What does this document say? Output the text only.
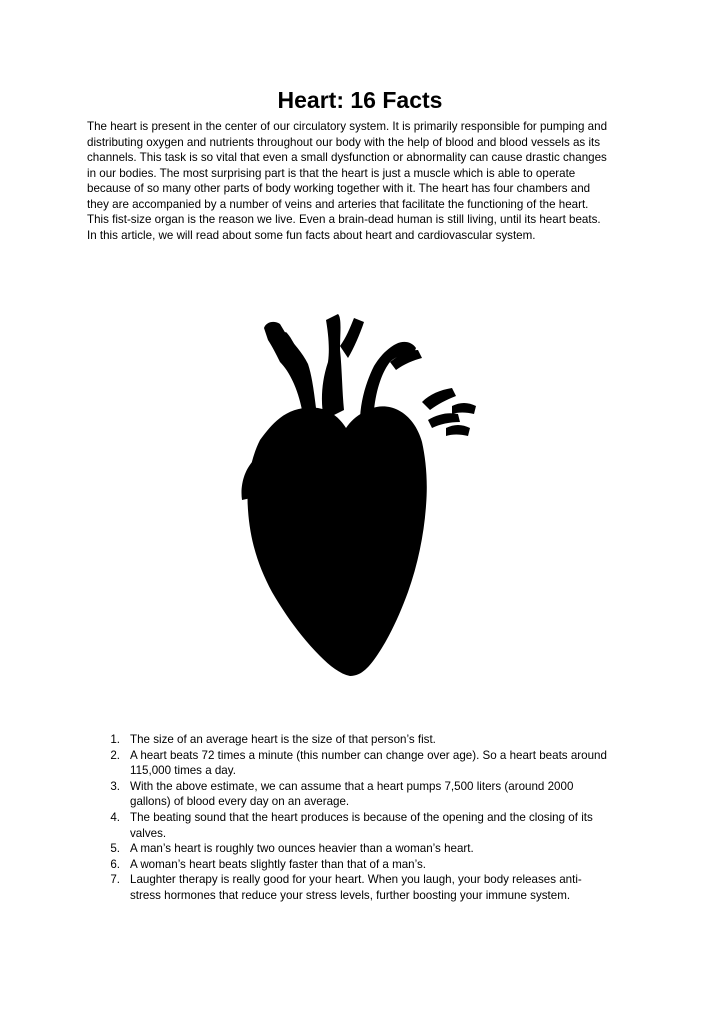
Heart: 16 Facts
The heart is present in the center of our circulatory system. It is primarily responsible for pumping and
distributing oxygen and nutrients throughout our body with the help of blood and blood vessels as its
channels. This task is so vital that even a small dysfunction or abnormality can cause drastic changes
in our bodies. The most surprising part is that the heart is just a muscle which is able to operate
because of so many other parts of body working together with it. The heart has four chambers and
they are accompanied by a number of veins and arteries that facilitate the functioning of the heart.
This fist-size organ is the reason we live. Even a brain-dead human is still living, until its heart beats.
In this article, we will read about some fun facts about heart and cardiovascular system.
1. The size of an average heart is the size of that person’s fist.
2. A heart beats 72 times a minute (this number can change over age). So a heart beats around
115,000 times a day.
3. With the above estimate, we can assume that a heart pumps 7,500 liters (around 2000
gallons) of blood every day on an average.
4. The beating sound that the heart produces is because of the opening and the closing of its
valves.
5. A man’s heart is roughly two ounces heavier than a woman’s heart.
6. A woman’s heart beats slightly faster than that of a man’s.
7. Laughter therapy is really good for your heart. When you laugh, your body releases anti-
stress hormones that reduce your stress levels, further boosting your immune system.
